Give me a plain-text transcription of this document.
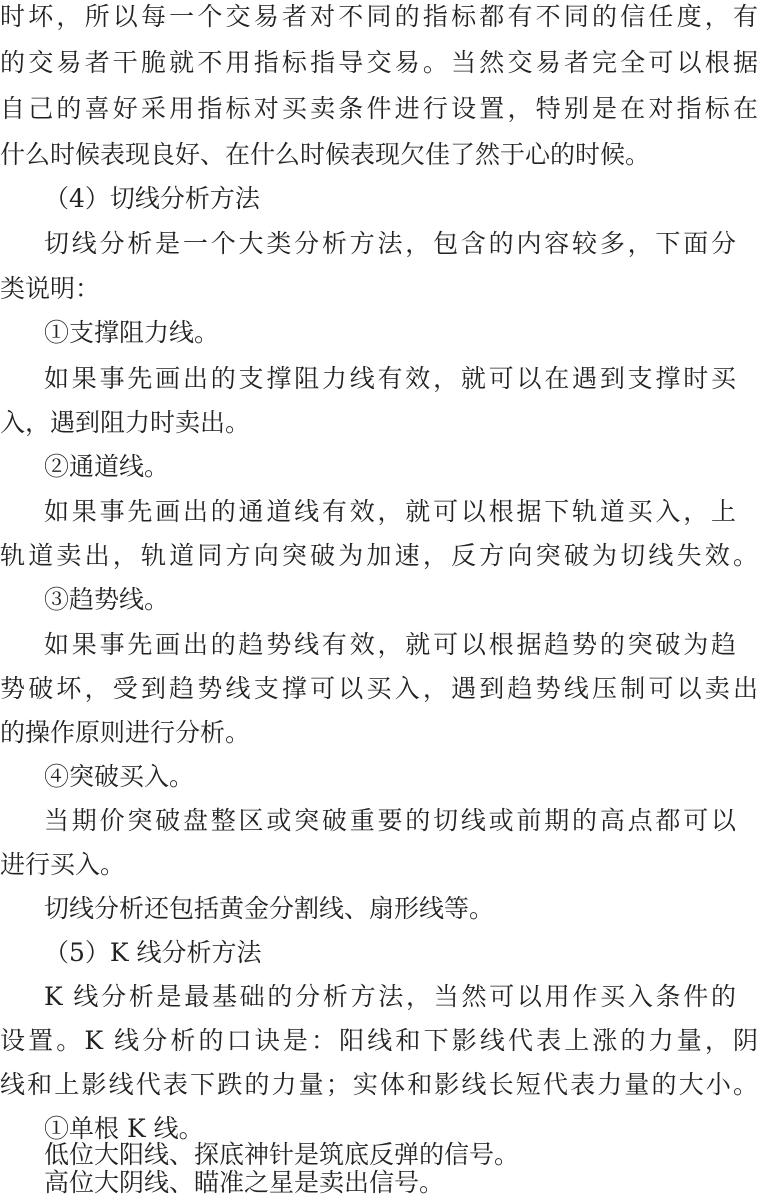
时坏，所以每一个交易者对不同的指标都有不同的信任度，有
的交易者干脆就不用指标指导交易。当然交易者完全可以根据
自己的喜好采用指标对买卖条件进行设置，特别是在对指标在
什么时候表现良好、在什么时候表现欠佳了然于心的时候。
（4）切线分析方法
切线分析是一个大类分析方法，包含的内容较多，下面分
类说明：
①支撑阻力线。
如果事先画出的支撑阻力线有效，就可以在遇到支撑时买
入，遇到阻力时卖出。
②通道线。
如果事先画出的通道线有效，就可以根据下轨道买入，上
轨道卖出，轨道同方向突破为加速，反方向突破为切线失效。
③趋势线。
如果事先画出的趋势线有效，就可以根据趋势的突破为趋
势破坏，受到趋势线支撑可以买入，遇到趋势线压制可以卖出
的操作原则进行分析。
④突破买入。
当期价突破盘整区或突破重要的切线或前期的高点都可以
进行买入。
切线分析还包括黄金分割线、扇形线等。
（5）K 线分析方法
K 线分析是最基础的分析方法，当然可以用作买入条件的
设置。K 线分析的口诀是：阳线和下影线代表上涨的力量，阴
线和上影线代表下跌的力量；实体和影线长短代表力量的大小。
①单根 K 线。
低位大阳线、探底神针是筑底反弹的信号。
高位大阴线、瞄准之星是卖出信号。
